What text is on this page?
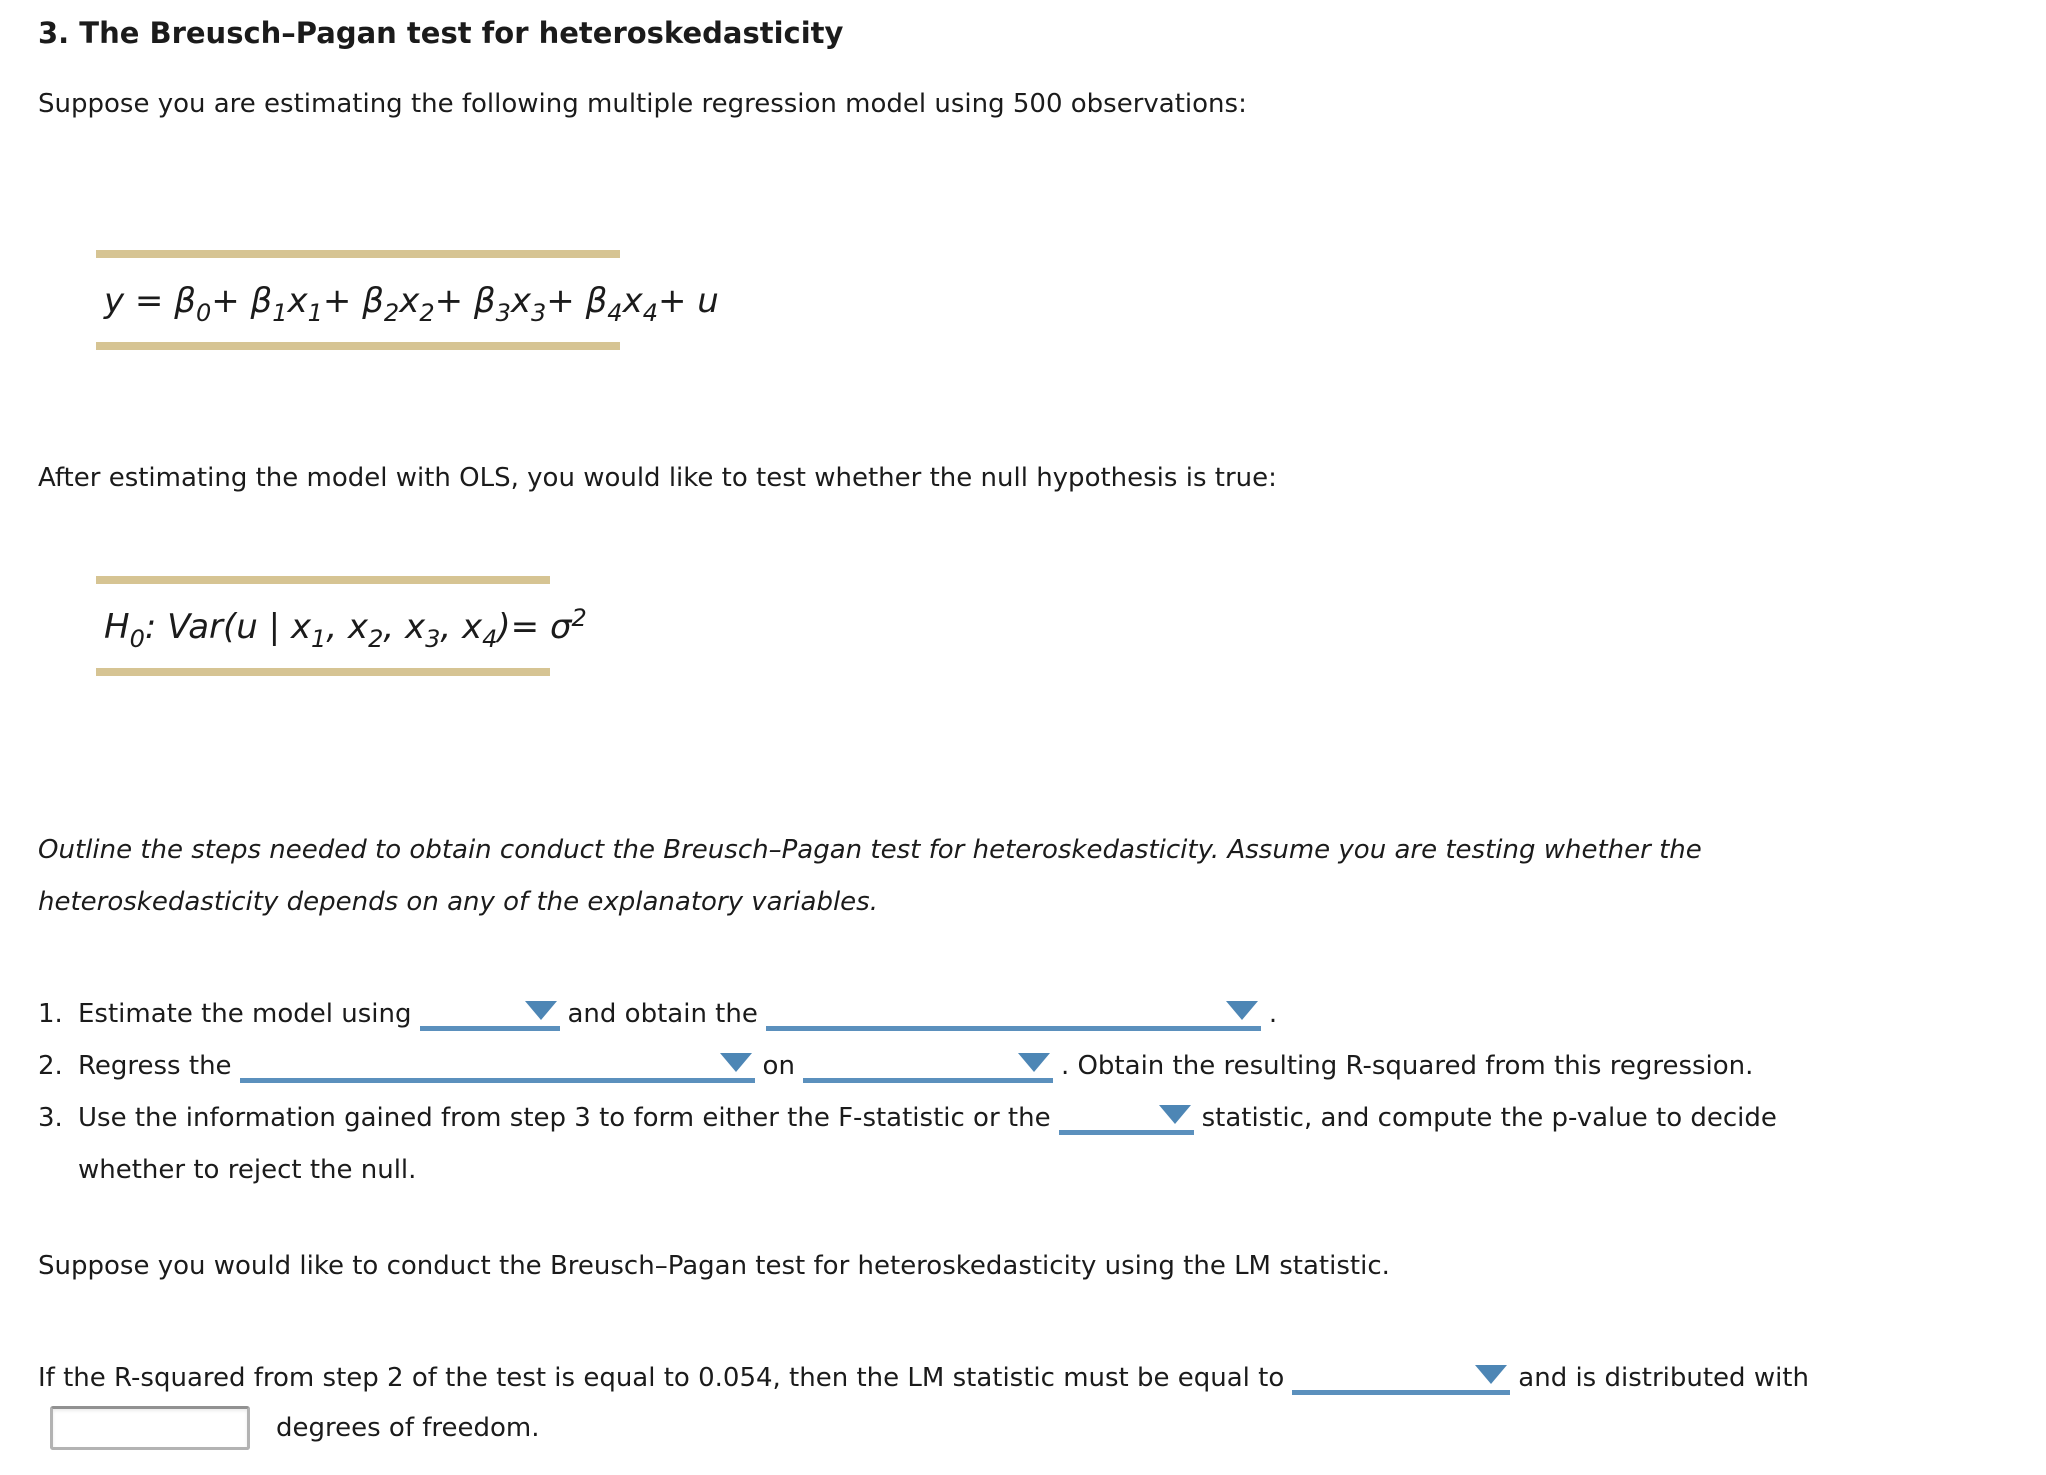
3. The Breusch–Pagan test for heteroskedasticity

Suppose you are estimating the following multiple regression model using 500 observations:

$y = \beta_0+ \beta_1x_1+ \beta_2x_2+ \beta_3x_3+ \beta_4x_4+ u$

After estimating the model with OLS, you would like to test whether the null hypothesis is true:

$H_0$: Var(u | $x_1$, $x_2$, $x_3$, $x_4)= \sigma^2$

Outline the steps needed to obtain conduct the Breusch–Pagan test for heteroskedasticity. Assume you are testing whether the heteroskedasticity depends on any of the explanatory variables.

1. Estimate the model using	and obtain the	.
2. Regress the	on	. Obtain the resulting R-squared from this regression.
3. Use the information gained from step 3 to form either the F-statistic or the	statistic, and compute the p-value to decide
whether to reject the null.

Suppose you would like to conduct the Breusch–Pagan test for heteroskedasticity using the LM statistic.

If the R-squared from step 2 of the test is equal to 0.054, then the LM statistic must be equal to	and is distributed with
degrees of freedom.
